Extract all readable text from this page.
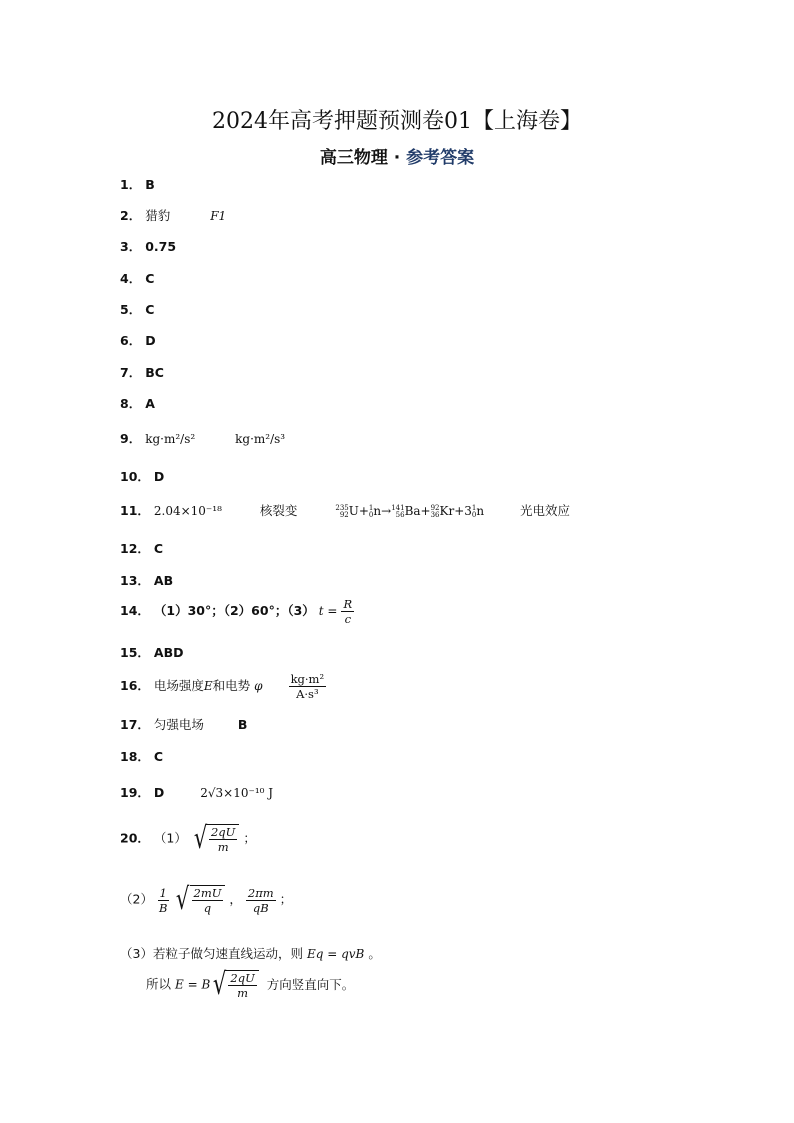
2024年高考押题预测卷01【上海卷】
高三物理 · 参考答案
1． B
2． 猎豹	F1
3． 0.75
4． C
5． C
6． D
7． BC
8． A
9． kg·m²/s²	kg·m²/s³
10． D
11． 2.04×10⁻¹⁸	核裂变	235
92 U+ 1
0 n→ 141
56 Ba+ 92
36 Kr+3 1
0 n	光电效应
12． C
13． AB
14． （1）30°；（2）60°；（3） $t = \frac{R}{c}$
15． ABD
16． 电场强度E和电势 φ $\frac{\text{kg·m²}}{\text{A·s³}}$
17． 匀强电场	B
18． C
19． D	2√3×10⁻¹⁰ J
20． （1） √ $\frac{2qU}{m}$ ；
$(2) \frac{1}{B}$
√ $\frac{2mU}{q}$ ， $\frac{2\pi m}{qB}$ ；
（3）若粒子做匀速直线运动，则 Eq = qvB 。
所以 E = B √ $\frac{2qU}{m}$ 方向竖直向下。
